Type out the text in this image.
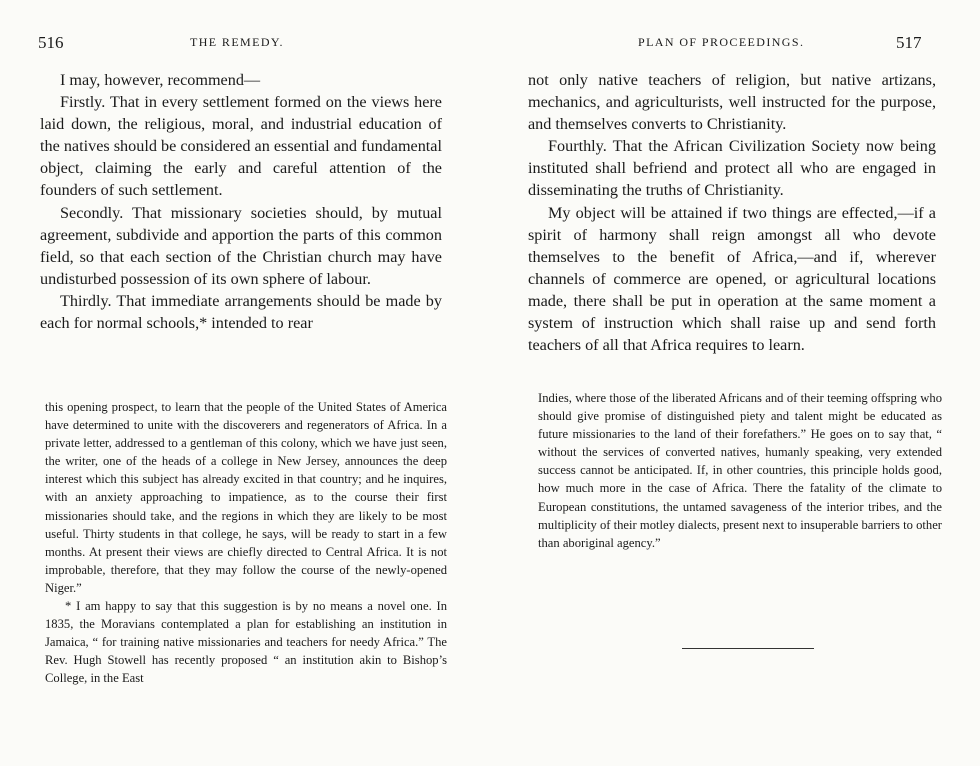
516	THE REMEDY.

I may, however, recommend—

Firstly. That in every settlement formed on the views here laid down, the religious, moral, and industrial education of the natives should be considered an essential and fundamental object, claiming the early and careful attention of the founders of such settlement.

Secondly. That missionary societies should, by mutual agreement, subdivide and apportion the parts of this common field, so that each section of the Christian church may have undisturbed possession of its own sphere of labour.

Thirdly. That immediate arrangements should be made by each for normal schools,* intended to rear

this opening prospect, to learn that the people of the United States of America have determined to unite with the discoverers and regenerators of Africa. In a private letter, addressed to a gentleman of this colony, which we have just seen, the writer, one of the heads of a college in New Jersey, announces the deep interest which this subject has already excited in that country; and he inquires, with an anxiety approaching to impatience, as to the course their first missionaries should take, and the regions in which they are likely to be most useful. Thirty students in that college, he says, will be ready to start in a few months. At present their views are chiefly directed to Central Africa. It is not improbable, therefore, that they may follow the course of the newly-opened Niger.”

* I am happy to say that this suggestion is by no means a novel one. In 1835, the Moravians contemplated a plan for establishing an institution in Jamaica, “ for training native missionaries and teachers for needy Africa.” The Rev. Hugh Stowell has recently proposed “ an institution akin to Bishop’s College, in the East

PLAN OF PROCEEDINGS.	517

not only native teachers of religion, but native artizans, mechanics, and agriculturists, well instructed for the purpose, and themselves converts to Christianity.

Fourthly. That the African Civilization Society now being instituted shall befriend and protect all who are engaged in disseminating the truths of Christianity.

My object will be attained if two things are effected,—if a spirit of harmony shall reign amongst all who devote themselves to the benefit of Africa,—and if, wherever channels of commerce are opened, or agricultural locations made, there shall be put in operation at the same moment a system of instruction which shall raise up and send forth teachers of all that Africa requires to learn.

Indies, where those of the liberated Africans and of their teeming offspring who should give promise of distinguished piety and talent might be educated as future missionaries to the land of their forefathers.” He goes on to say that, “ without the services of converted natives, humanly speaking, very extended success cannot be anticipated. If, in other countries, this principle holds good, how much more in the case of Africa. There the fatality of the climate to European constitutions, the untamed savageness of the interior tribes, and the multiplicity of their motley dialects, present next to insuperable barriers to other than aboriginal agency.”
